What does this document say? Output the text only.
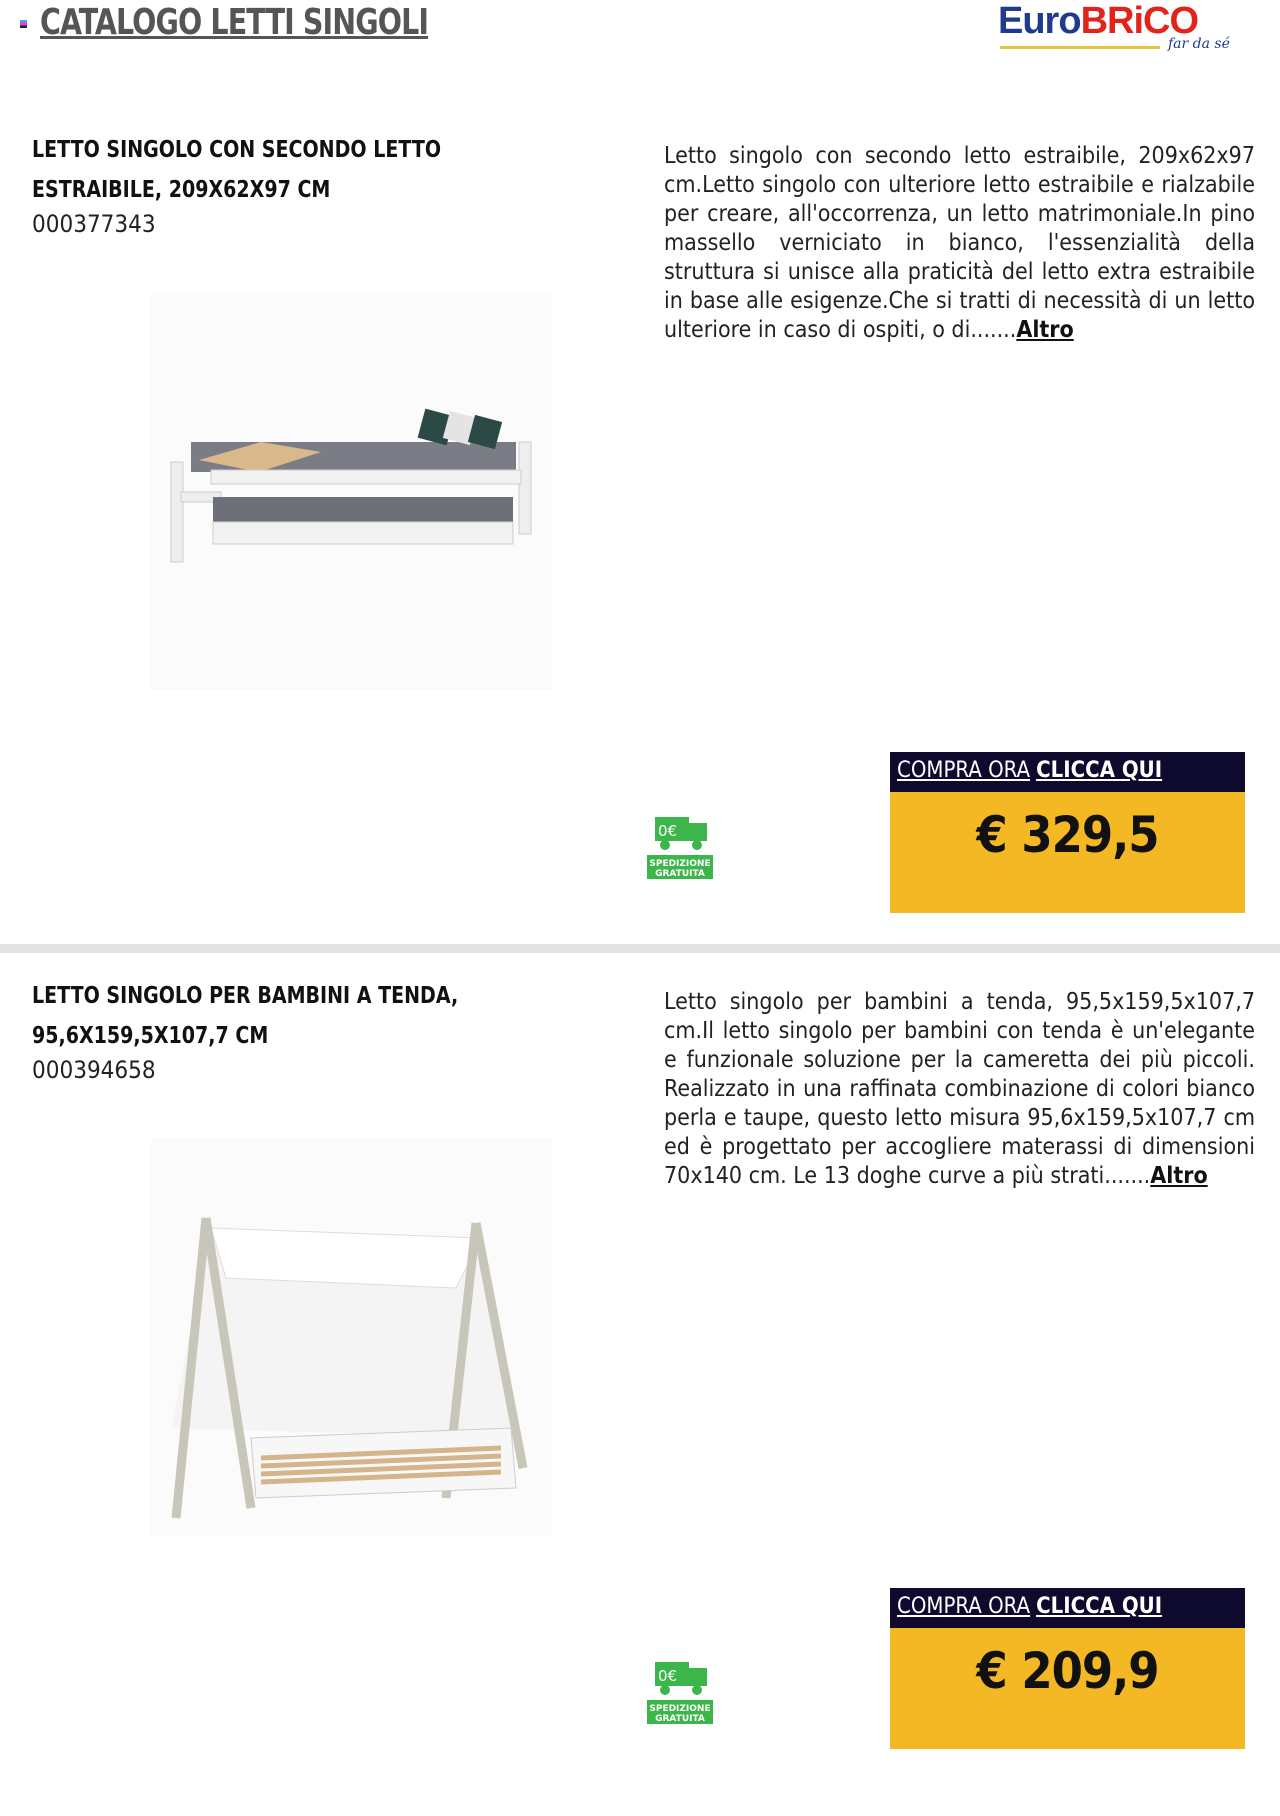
CATALOGO LETTI SINGOLI	EuroBRiCO
far da sé
LETTO SINGOLO CON SECONDO LETTO ESTRAIBILE, 209X62X97 CM
000377343
Letto singolo con secondo letto estraibile, 209x62x97 cm.Letto singolo con ulteriore letto estraibile e rialzabile per creare, all'occorrenza, un letto matrimoniale.In pino massello verniciato in bianco, l'essenzialità della struttura si unisce alla praticità del letto extra estraibile in base alle esigenze.Che si tratti di necessità di un letto ulteriore in caso di ospiti, o di.......Altro
0€
SPEDIZIONE
GRATUITA
COMPRA ORA CLICCA QUI
€ 329,5
LETTO SINGOLO PER BAMBINI A TENDA, 95,6X159,5X107,7 CM
000394658
Letto singolo per bambini a tenda, 95,5x159,5x107,7 cm.Il letto singolo per bambini con tenda è un'elegante e funzionale soluzione per la cameretta dei più piccoli. Realizzato in una raffinata combinazione di colori bianco perla e taupe, questo letto misura 95,6x159,5x107,7 cm ed è progettato per accogliere materassi di dimensioni 70x140 cm. Le 13 doghe curve a più strati.......Altro
0€
SPEDIZIONE
GRATUITA
COMPRA ORA CLICCA QUI
€ 209,9
